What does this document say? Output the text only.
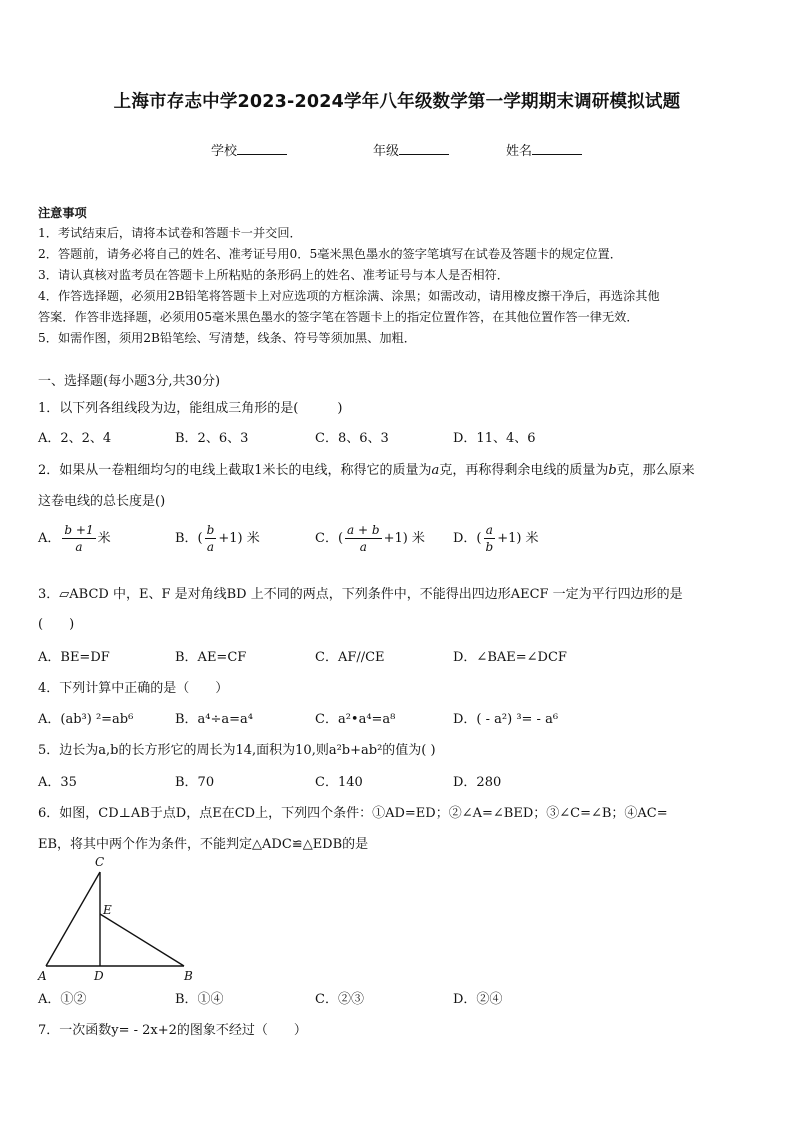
上海市存志中学2023-2024学年八年级数学第一学期期末调研模拟试题
学校	年级	姓名
注意事项
1．考试结束后，请将本试卷和答题卡一并交回．
2．答题前，请务必将自己的姓名、准考证号用0．5毫米黑色墨水的签字笔填写在试卷及答题卡的规定位置．
3．请认真核对监考员在答题卡上所粘贴的条形码上的姓名、准考证号与本人是否相符．
4．作答选择题，必须用2B铅笔将答题卡上对应选项的方框涂满、涂黑；如需改动，请用橡皮擦干净后，再选涂其他
答案．作答非选择题，必须用05毫米黑色墨水的签字笔在答题卡上的指定位置作答，在其他位置作答一律无效．
5．如需作图，须用2B铅笔绘、写清楚，线条、符号等须加黑、加粗．
一、选择题(每小题3分,共30分)
1．以下列各组线段为边，能组成三角形的是(　　　)
A．2、2、4	B．2、6、3	C．8、6、3	D．11、4、6
2．如果从一卷粗细均匀的电线上截取1米长的电线，称得它的质量为a克，再称得剩余电线的质量为b克，那么原来
这卷电线的总长度是()
A． $\frac{b +1}{a}$ 米	B．( $\frac{b}{a} +1$) 米	C．( $\frac{a + b}{a} +1$) 米 D．( $\frac{a}{b} +1$) 米
3．▱ABCD 中，E、F 是对角线BD 上不同的两点，下列条件中，不能得出四边形AECF 一定为平行四边形的是
(　　)
A．BE=DF	B．AE=CF	C．AF//CE	D．∠BAE=∠DCF
4．下列计算中正确的是（　　）
A．(ab³) ²=ab⁶	B．a⁴÷a=a⁴	C．a²•a⁴=a⁸	D．( - a²) ³= - a⁶
5．边长为a,b的长方形它的周长为14,面积为10,则a²b+ab²的值为( )
A．35	B．70	C．140	D．280
6．如图，CD⊥AB于点D，点E在CD上，下列四个条件：①AD=ED；②∠A=∠BED；③∠C=∠B；④AC=
EB，将其中两个作为条件，不能判定△ADC≌△EDB的是
C
E
A	D	B
A．①②	B．①④	C．②③	D．②④
7．一次函数y= - 2x+2的图象不经过（　　）
